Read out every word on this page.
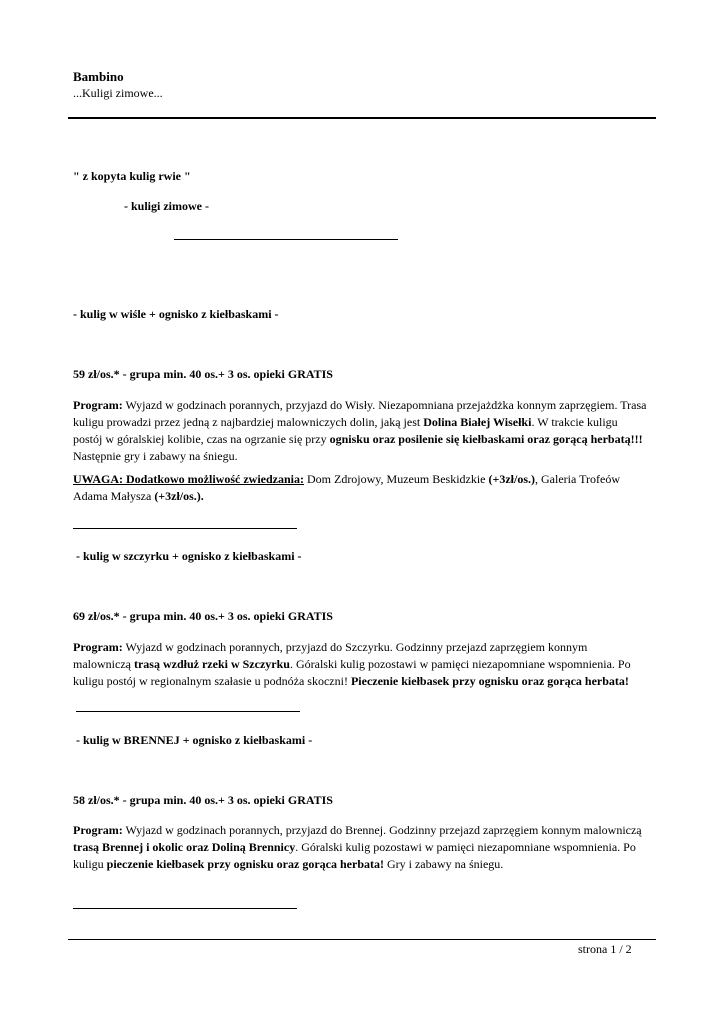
Bambino
...Kuligi zimowe...
" z kopyta kulig rwie "
- kuligi zimowe -
- kulig w wiśle + ognisko z kiełbaskami -
59 zł/os.* - grupa min. 40 os.+ 3 os. opieki GRATIS
Program: Wyjazd w godzinach porannych, przyjazd do Wisły. Niezapomniana przejażdżka konnym zaprzęgiem. Trasa kuligu prowadzi przez jedną z najbardziej malowniczych dolin, jaką jest Dolina Białej Wisełki. W trakcie kuligu postój w góralskiej kolibie, czas na ogrzanie się przy ognisku oraz posilenie się kiełbaskami oraz gorącą herbatą!!! Następnie gry i zabawy na śniegu.
UWAGA: Dodatkowo możliwość zwiedzania: Dom Zdrojowy, Muzeum Beskidzkie (+3zł/os.), Galeria Trofeów Adama Małysza (+3zł/os.).
- kulig w szczyrku + ognisko z kiełbaskami -
69 zł/os.* - grupa min. 40 os.+ 3 os. opieki GRATIS
Program: Wyjazd w godzinach porannych, przyjazd do Szczyrku. Godzinny przejazd zaprzęgiem konnym malowniczą trasą wzdłuż rzeki w Szczyrku. Góralski kulig pozostawi w pamięci niezapomniane wspomnienia. Po kuligu postój w regionalnym szałasie u podnóża skoczni! Pieczenie kiełbasek przy ognisku oraz gorąca herbata!
- kulig w BRENNEJ + ognisko z kiełbaskami -
58 zł/os.* - grupa min. 40 os.+ 3 os. opieki GRATIS
Program: Wyjazd w godzinach porannych, przyjazd do Brennej. Godzinny przejazd zaprzęgiem konnym malowniczą trasą Brennej i okolic oraz Doliną Brennicy. Góralski kulig pozostawi w pamięci niezapomniane wspomnienia. Po kuligu pieczenie kiełbasek przy ognisku oraz gorąca herbata! Gry i zabawy na śniegu.
strona 1 / 2
